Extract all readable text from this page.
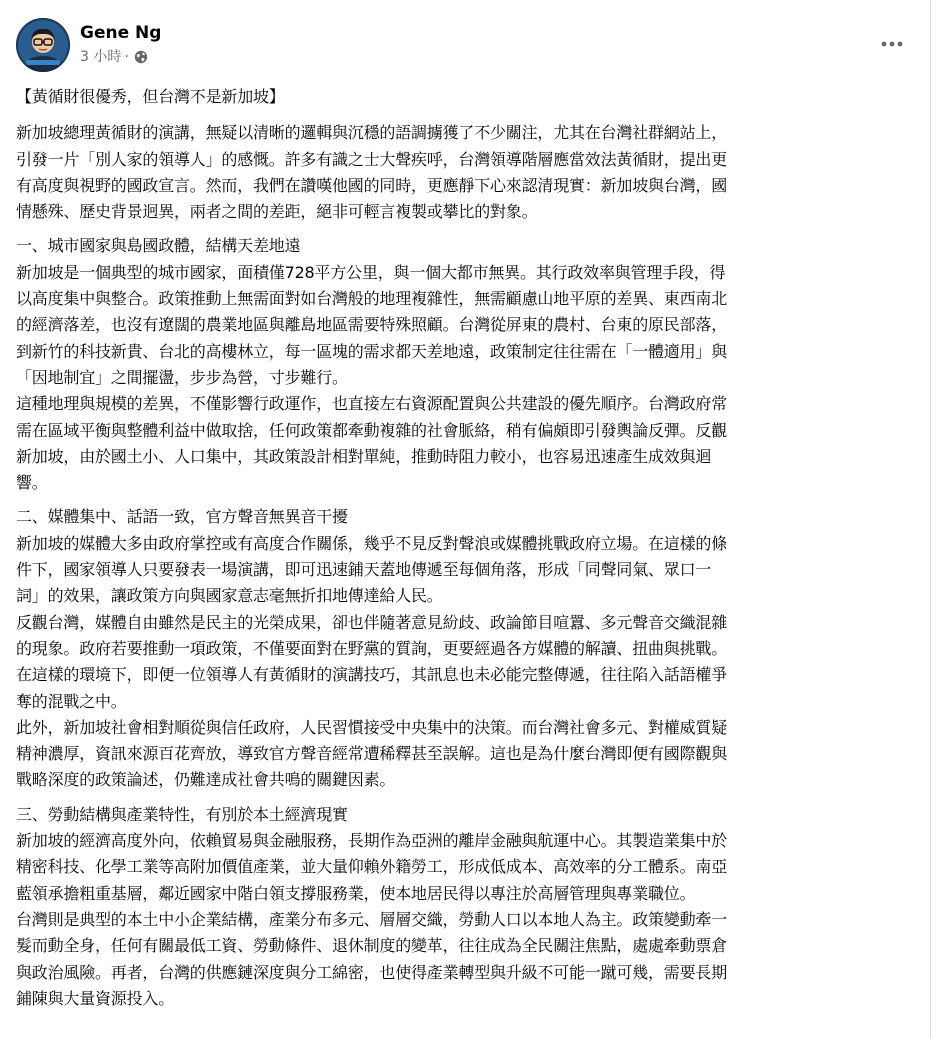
Gene Ng
3 小時 ·
【黃循財很優秀，但台灣不是新加坡】
新加坡總理黃循財的演講，無疑以清晰的邏輯與沉穩的語調擄獲了不少關注，尤其在台灣社群網站上，
引發一片「別人家的領導人」的感慨。許多有識之士大聲疾呼，台灣領導階層應當效法黃循財，提出更
有高度與視野的國政宣言。然而，我們在讚嘆他國的同時，更應靜下心來認清現實：新加坡與台灣，國
情懸殊、歷史背景迥異，兩者之間的差距，絕非可輕言複製或攀比的對象。
一、城市國家與島國政體，結構天差地遠
新加坡是一個典型的城市國家，面積僅728平方公里，與一個大都市無異。其行政效率與管理手段，得
以高度集中與整合。政策推動上無需面對如台灣般的地理複雜性，無需顧慮山地平原的差異、東西南北
的經濟落差，也沒有遼闊的農業地區與離島地區需要特殊照顧。台灣從屏東的農村、台東的原民部落，
到新竹的科技新貴、台北的高樓林立，每一區塊的需求都天差地遠，政策制定往往需在「一體適用」與
「因地制宜」之間擺盪，步步為營，寸步難行。
這種地理與規模的差異，不僅影響行政運作，也直接左右資源配置與公共建設的優先順序。台灣政府常
需在區域平衡與整體利益中做取捨，任何政策都牽動複雜的社會脈絡，稍有偏頗即引發輿論反彈。反觀
新加坡，由於國土小、人口集中，其政策設計相對單純，推動時阻力較小，也容易迅速產生成效與迴
響。
二、媒體集中、話語一致，官方聲音無異音干擾
新加坡的媒體大多由政府掌控或有高度合作關係，幾乎不見反對聲浪或媒體挑戰政府立場。在這樣的條
件下，國家領導人只要發表一場演講，即可迅速鋪天蓋地傳遞至每個角落，形成「同聲同氣、眾口一
詞」的效果，讓政策方向與國家意志毫無折扣地傳達給人民。
反觀台灣，媒體自由雖然是民主的光榮成果，卻也伴隨著意見紛歧、政論節目喧囂、多元聲音交織混雜
的現象。政府若要推動一項政策，不僅要面對在野黨的質詢，更要經過各方媒體的解讀、扭曲與挑戰。
在這樣的環境下，即便一位領導人有黃循財的演講技巧，其訊息也未必能完整傳遞，往往陷入話語權爭
奪的混戰之中。
此外，新加坡社會相對順從與信任政府，人民習慣接受中央集中的決策。而台灣社會多元、對權威質疑
精神濃厚，資訊來源百花齊放，導致官方聲音經常遭稀釋甚至誤解。這也是為什麼台灣即便有國際觀與
戰略深度的政策論述，仍難達成社會共鳴的關鍵因素。
三、勞動結構與產業特性，有別於本土經濟現實
新加坡的經濟高度外向，依賴貿易與金融服務，長期作為亞洲的離岸金融與航運中心。其製造業集中於
精密科技、化學工業等高附加價值產業，並大量仰賴外籍勞工，形成低成本、高效率的分工體系。南亞
藍領承擔粗重基層，鄰近國家中階白領支撐服務業，使本地居民得以專注於高層管理與專業職位。
台灣則是典型的本土中小企業結構，產業分布多元、層層交織，勞動人口以本地人為主。政策變動牽一
髮而動全身，任何有關最低工資、勞動條件、退休制度的變革，往往成為全民關注焦點，處處牽動票倉
與政治風險。再者，台灣的供應鏈深度與分工綿密，也使得產業轉型與升級不可能一蹴可幾，需要長期
鋪陳與大量資源投入。
